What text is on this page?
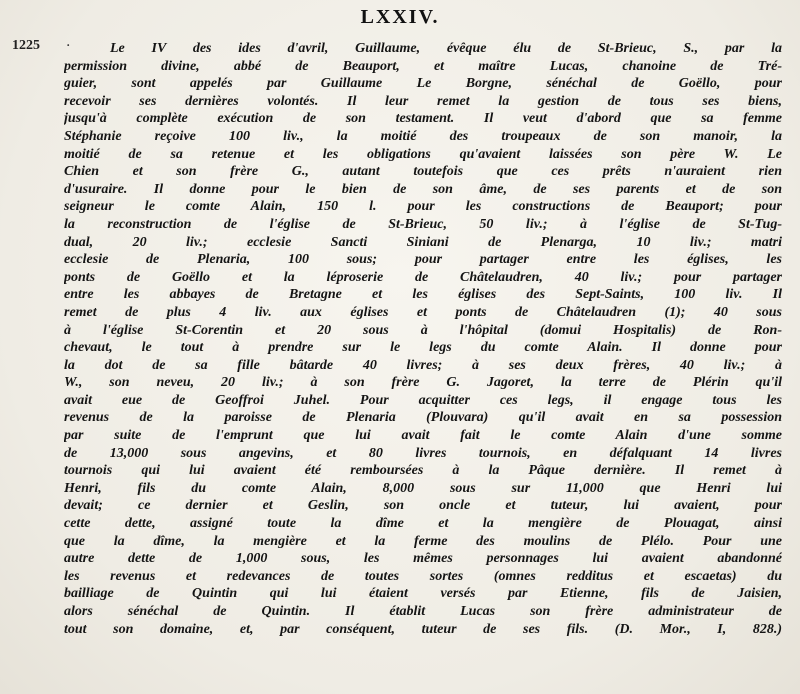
LXXIV.
1225 ·	Le IV des ides d'avril, Guillaume, évêque élu de St-Brieuc, S., par la
permission divine, abbé de Beauport, et maître Lucas, chanoine de Tré-
guier, sont appelés par Guillaume Le Borgne, sénéchal de Goëllo, pour
recevoir ses dernières volontés. Il leur remet la gestion de tous ses biens,
jusqu'à complète exécution de son testament. Il veut d'abord que sa femme
Stéphanie reçoive 100 liv., la moitié des troupeaux de son manoir, la
moitié de sa retenue et les obligations qu'avaient laissées son père W. Le
Chien et son frère G., autant toutefois que ces prêts n'auraient rien
d'usuraire. Il donne pour le bien de son âme, de ses parents et de son
seigneur le comte Alain, 150 l. pour les constructions de Beauport; pour
la reconstruction de l'église de St-Brieuc, 50 liv.; à l'église de St-Tug-
dual, 20 liv.; ecclesie Sancti Siniani de Plenarga, 10 liv.; matri
ecclesie de Plenaria, 100 sous; pour partager entre les églises, les
ponts de Goëllo et la léproserie de Châtelaudren, 40 liv.; pour partager
entre les abbayes de Bretagne et les églises des Sept-Saints, 100 liv. Il
remet de plus 4 liv. aux églises et ponts de Châtelaudren (1); 40 sous
à l'église St-Corentin et 20 sous à l'hôpital (domui Hospitalis) de Ron-
chevaut, le tout à prendre sur le legs du comte Alain. Il donne pour
la dot de sa fille bâtarde 40 livres; à ses deux frères, 40 liv.; à
W., son neveu, 20 liv.; à son frère G. Jagoret, la terre de Plérin qu'il
avait eue de Geoffroi Juhel. Pour acquitter ces legs, il engage tous les
revenus de la paroisse de Plenaria (Plouvara) qu'il avait en sa possession
par suite de l'emprunt que lui avait fait le comte Alain d'une somme
de 13,000 sous angevins, et 80 livres tournois, en défalquant 14 livres
tournois qui lui avaient été remboursées à la Pâque dernière. Il remet à
Henri, fils du comte Alain, 8,000 sous sur 11,000 que Henri lui
devait; ce dernier et Geslin, son oncle et tuteur, lui avaient, pour
cette dette, assigné toute la dîme et la mengière de Plouagat, ainsi
que la dîme, la mengière et la ferme des moulins de Plélo. Pour une
autre dette de 1,000 sous, les mêmes personnages lui avaient abandonné
les revenus et redevances de toutes sortes (omnes redditus et escaetas) du
bailliage de Quintin qui lui étaient versés par Etienne, fils de Jaisien,
alors sénéchal de Quintin. Il établit Lucas son frère administrateur de
tout son domaine, et, par conséquent, tuteur de ses fils. (D. Mor., I, 828.)
